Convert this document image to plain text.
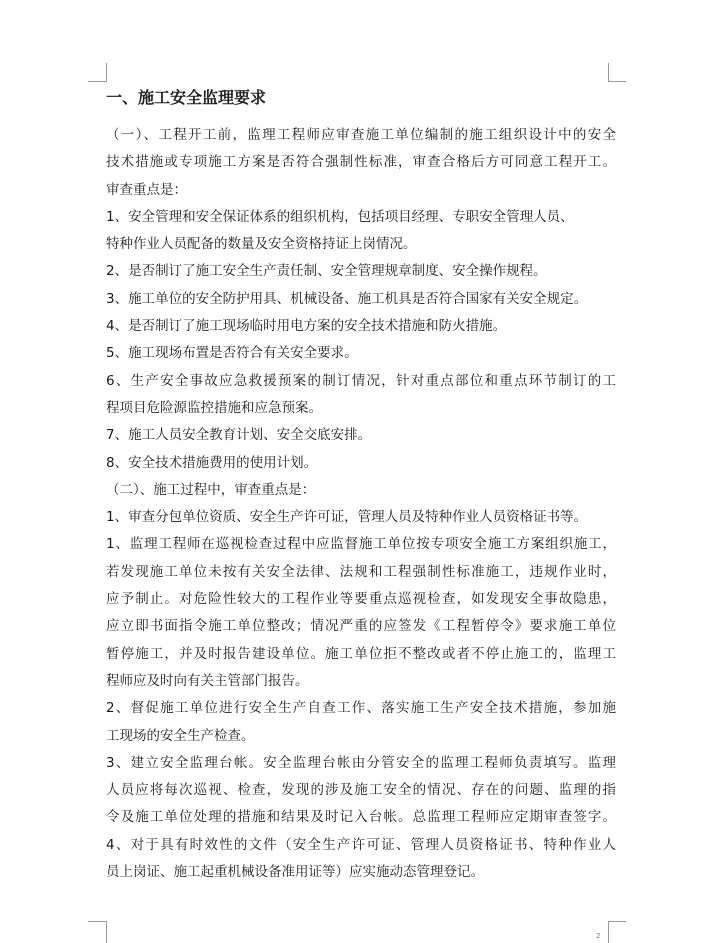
一、施工安全监理要求
（一）、工程开工前，监理工程师应审查施工单位编制的施工组织设计中的安全
技术措施或专项施工方案是否符合强制性标准，审查合格后方可同意工程开工。
审查重点是：
1、安全管理和安全保证体系的组织机构，包括项目经理、专职安全管理人员、
特种作业人员配备的数量及安全资格持证上岗情况。
2、是否制订了施工安全生产责任制、安全管理规章制度、安全操作规程。
3、施工单位的安全防护用具、机械设备、施工机具是否符合国家有关安全规定。
4、是否制订了施工现场临时用电方案的安全技术措施和防火措施。
5、施工现场布置是否符合有关安全要求。
6、生产安全事故应急救援预案的制订情况，针对重点部位和重点环节制订的工
程项目危险源监控措施和应急预案。
7、施工人员安全教育计划、安全交底安排。
8、安全技术措施费用的使用计划。
（二）、施工过程中，审查重点是：
1、审查分包单位资质、安全生产许可证，管理人员及特种作业人员资格证书等。
1、监理工程师在巡视检查过程中应监督施工单位按专项安全施工方案组织施工，
若发现施工单位未按有关安全法律、法规和工程强制性标准施工，违规作业时，
应予制止。对危险性较大的工程作业等要重点巡视检查，如发现安全事故隐患，
应立即书面指令施工单位整改；情况严重的应签发《工程暂停令》要求施工单位
暂停施工，并及时报告建设单位。施工单位拒不整改或者不停止施工的，监理工
程师应及时向有关主管部门报告。
2、督促施工单位进行安全生产自查工作、落实施工生产安全技术措施，参加施
工现场的安全生产检查。
3、建立安全监理台帐。安全监理台帐由分管安全的监理工程师负责填写。监理
人员应将每次巡视、检查，发现的涉及施工安全的情况、存在的问题、监理的指
令及施工单位处理的措施和结果及时记入台帐。总监理工程师应定期审查签字。
4、对于具有时效性的文件（安全生产许可证、管理人员资格证书、特种作业人
员上岗证、施工起重机械设备准用证等）应实施动态管理登记。
2
